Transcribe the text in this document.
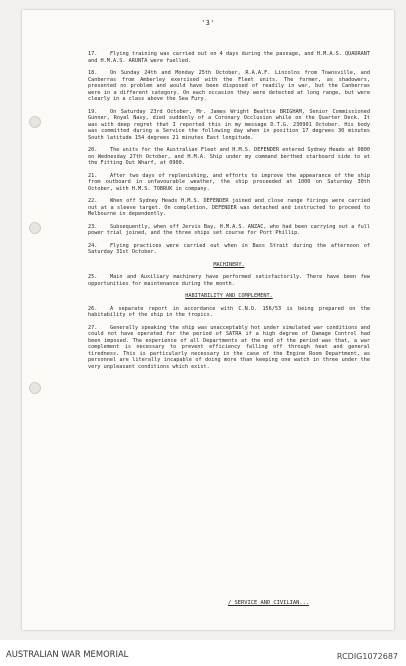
'3'
17. Flying training was carried out on 4 days during the passage, and H.M.A.S. QUADRANT and H.M.A.S. ARUNTA were fuelled.
18. On Sunday 24th and Monday 25th October, R.A.A.F. Lincolns from Townsville, and Canberras from Amberley exercised with the Fleet units. The former, as shadowers, presented no problem and would have been disposed of readily in war, but the Canberras were in a different category. On each occasion they were detected at long range, but were clearly in a class above the Sea Fury.
19. On Saturday 23rd October, Mr. James Wright Beattie BRIGHAM, Senior Commissioned Gunner, Royal Navy, died suddenly of a Coronary Occlusion while on the Quarter Deck. It was with deep regret that I reported this in my message D.T.G. 230901 October. His body was committed during a Service the following day when in position 17 degrees 30 minutes South latitude 154 degrees 21 minutes East longitude.
20. The units for the Australian Fleet and H.M.S. DEFENDER entered Sydney Heads at 0800 on Wednesday 27th October, and H.M.A. Ship under my command berthed starboard side to at the Fitting Out Wharf, at 0900.
21. After two days of replenishing, and efforts to improve the appearance of the ship from outboard in unfavourable weather, the ship proceeded at 1000 on Saturday 30th October, with H.M.S. TOBRUK in company.
22. When off Sydney Heads H.M.S. DEFENDER joined and close range firings were carried out at a sleeve target. On completion, DEFENDER was detached and instructed to proceed to Melbourne in dependently.
23. Subsequently, when off Jervis Bay, H.M.A.S. ANZAC, who had been carrying out a full power trial joined, and the three ships set course for Port Phillip.
24. Flying practices were carried out when in Bass Strait during the afternoon of Saturday 31st October.
MACHINERY.
25. Main and Auxiliary machinery have performed satisfactorily. There have been few opportunities for maintenance during the month.
HABITABILITY AND COMPLEMENT.
26. A separate report in accordance with C.N.O. 156/53 is being prepared on the habitability of the ship in the tropics.
27. Generally speaking the ship was unacceptably hot under simulated war conditions and could not have operated for the period of SATRA if a high degree of Damage Control had been imposed. The experience of all Departments at the end of the period was that, a war complement is necessary to prevent efficiency falling off through heat and general tiredness. This is particularly necessary in the case of the Engine Room Department, as personnel are literally incapable of doing more than keeping one watch in three under the very unpleasant conditions which exist.
/ SERVICE AND CIVILIAN...
AUSTRALIAN WAR MEMORIAL	RCDIG1072687
